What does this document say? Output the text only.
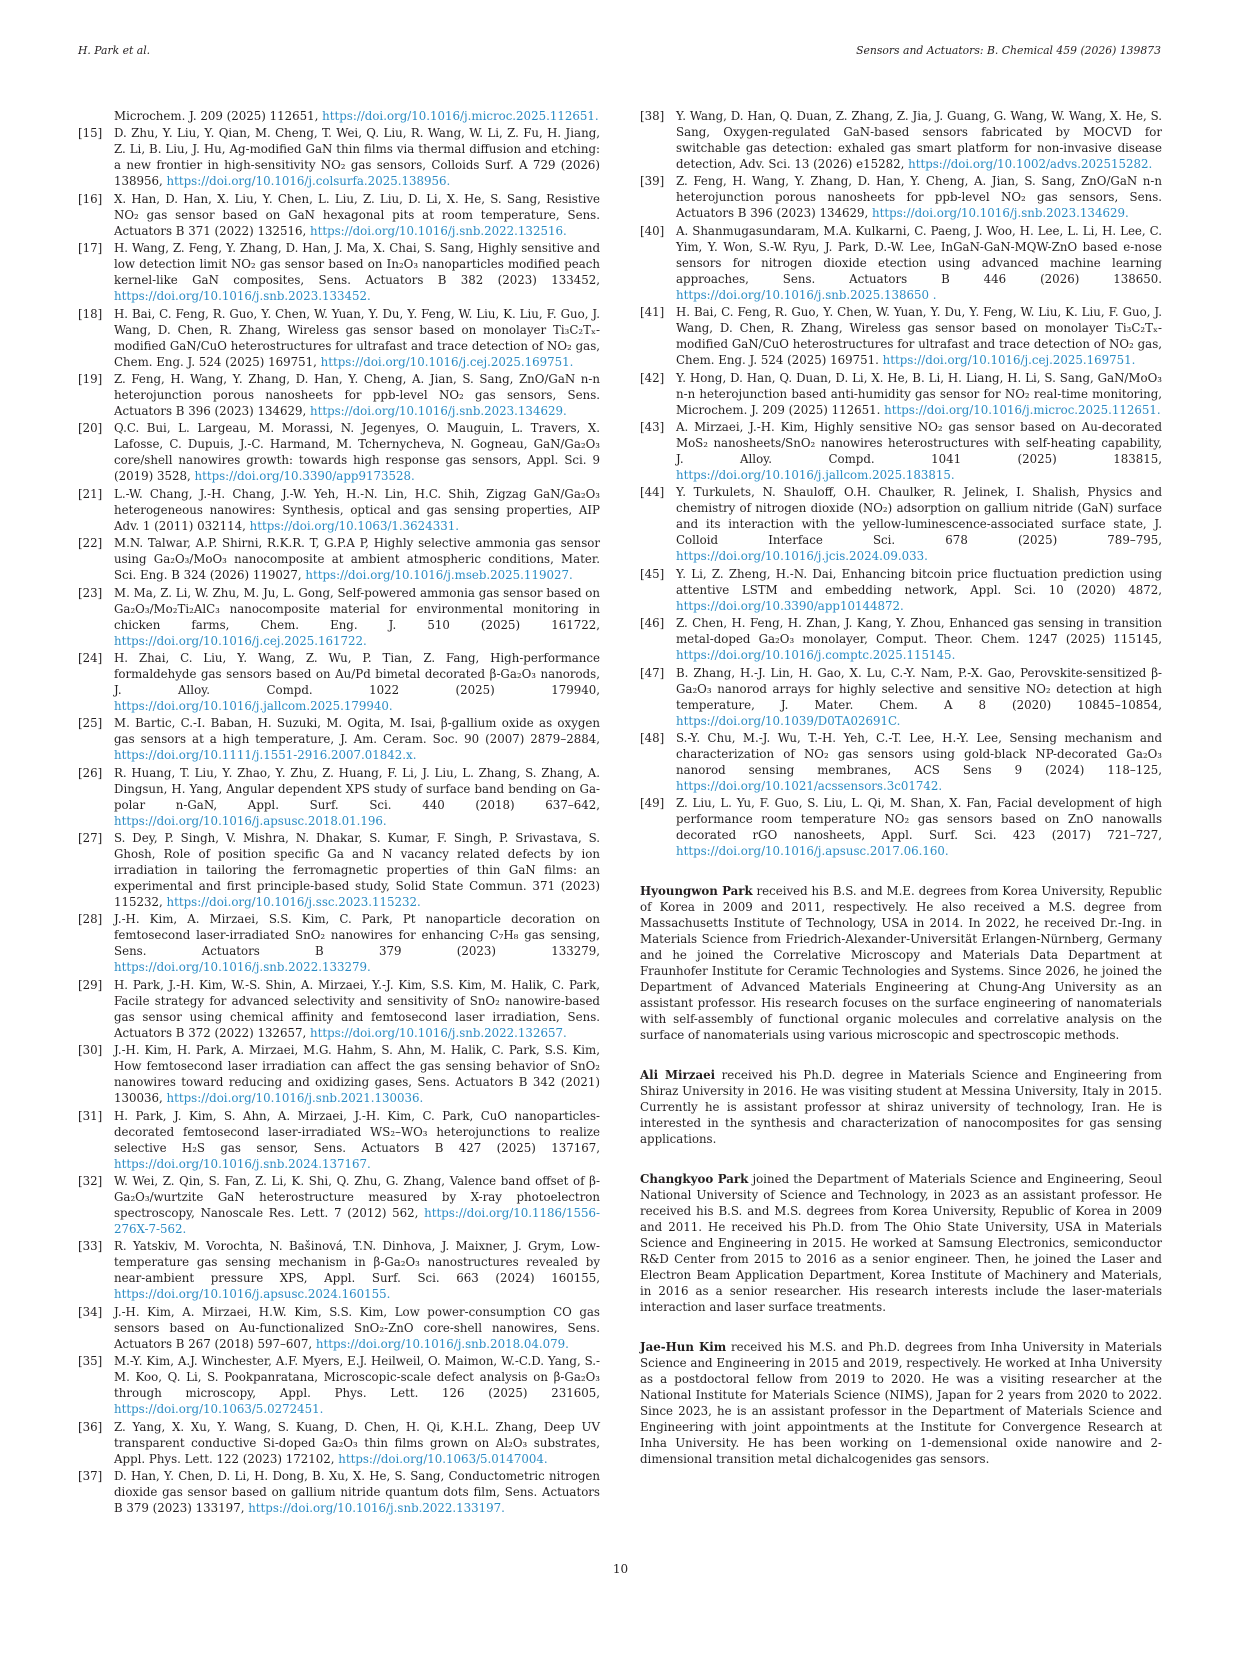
H. Park et al.	Sensors and Actuators: B. Chemical 459 (2026) 139873
Microchem. J. 209 (2025) 112651, https://doi.org/10.1016/j.microc.2025.112651.
[15] D. Zhu, Y. Liu, Y. Qian, M. Cheng, T. Wei, Q. Liu, R. Wang, W. Li, Z. Fu, H. Jiang, Z. Li, B. Liu, J. Hu, Ag-modified GaN thin films via thermal diffusion and etching: a new frontier in high-sensitivity NO₂ gas sensors, Colloids Surf. A 729 (2026) 138956, https://doi.org/10.1016/j.colsurfa.2025.138956.
[16] X. Han, D. Han, X. Liu, Y. Chen, L. Liu, Z. Liu, D. Li, X. He, S. Sang, Resistive NO₂ gas sensor based on GaN hexagonal pits at room temperature, Sens. Actuators B 371 (2022) 132516, https://doi.org/10.1016/j.snb.2022.132516.
[17] H. Wang, Z. Feng, Y. Zhang, D. Han, J. Ma, X. Chai, S. Sang, Highly sensitive and low detection limit NO₂ gas sensor based on In₂O₃ nanoparticles modified peach kernel-like GaN composites, Sens. Actuators B 382 (2023) 133452, https://doi.org/10.1016/j.snb.2023.133452.
[18] H. Bai, C. Feng, R. Guo, Y. Chen, W. Yuan, Y. Du, Y. Feng, W. Liu, K. Liu, F. Guo, J. Wang, D. Chen, R. Zhang, Wireless gas sensor based on monolayer Ti₃C₂Tₓ-modified GaN/CuO heterostructures for ultrafast and trace detection of NO₂ gas, Chem. Eng. J. 524 (2025) 169751, https://doi.org/10.1016/j.cej.2025.169751.
[19] Z. Feng, H. Wang, Y. Zhang, D. Han, Y. Cheng, A. Jian, S. Sang, ZnO/GaN n-n heterojunction porous nanosheets for ppb-level NO₂ gas sensors, Sens. Actuators B 396 (2023) 134629, https://doi.org/10.1016/j.snb.2023.134629.
[20] Q.C. Bui, L. Largeau, M. Morassi, N. Jegenyes, O. Mauguin, L. Travers, X. Lafosse, C. Dupuis, J.-C. Harmand, M. Tchernycheva, N. Gogneau, GaN/Ga₂O₃ core/shell nanowires growth: towards high response gas sensors, Appl. Sci. 9 (2019) 3528, https://doi.org/10.3390/app9173528.
[21] L.-W. Chang, J.-H. Chang, J.-W. Yeh, H.-N. Lin, H.C. Shih, Zigzag GaN/Ga₂O₃ heterogeneous nanowires: Synthesis, optical and gas sensing properties, AIP Adv. 1 (2011) 032114, https://doi.org/10.1063/1.3624331.
[22] M.N. Talwar, A.P. Shirni, R.K.R. T, G.P.A P, Highly selective ammonia gas sensor using Ga₂O₃/MoO₃ nanocomposite at ambient atmospheric conditions, Mater. Sci. Eng. B 324 (2026) 119027, https://doi.org/10.1016/j.mseb.2025.119027.
[23] M. Ma, Z. Li, W. Zhu, M. Ju, L. Gong, Self-powered ammonia gas sensor based on Ga₂O₃/Mo₂Ti₂AlC₃ nanocomposite material for environmental monitoring in chicken farms, Chem. Eng. J. 510 (2025) 161722, https://doi.org/10.1016/j.cej.2025.161722.
[24] H. Zhai, C. Liu, Y. Wang, Z. Wu, P. Tian, Z. Fang, High-performance formaldehyde gas sensors based on Au/Pd bimetal decorated β-Ga₂O₃ nanorods, J. Alloy. Compd. 1022 (2025) 179940, https://doi.org/10.1016/j.jallcom.2025.179940.
[25] M. Bartic, C.-I. Baban, H. Suzuki, M. Ogita, M. Isai, β-gallium oxide as oxygen gas sensors at a high temperature, J. Am. Ceram. Soc. 90 (2007) 2879–2884, https://doi.org/10.1111/j.1551-2916.2007.01842.x.
[26] R. Huang, T. Liu, Y. Zhao, Y. Zhu, Z. Huang, F. Li, J. Liu, L. Zhang, S. Zhang, A. Dingsun, H. Yang, Angular dependent XPS study of surface band bending on Ga-polar n-GaN, Appl. Surf. Sci. 440 (2018) 637–642, https://doi.org/10.1016/j.apsusc.2018.01.196.
[27] S. Dey, P. Singh, V. Mishra, N. Dhakar, S. Kumar, F. Singh, P. Srivastava, S. Ghosh, Role of position specific Ga and N vacancy related defects by ion irradiation in tailoring the ferromagnetic properties of thin GaN films: an experimental and first principle-based study, Solid State Commun. 371 (2023) 115232, https://doi.org/10.1016/j.ssc.2023.115232.
[28] J.-H. Kim, A. Mirzaei, S.S. Kim, C. Park, Pt nanoparticle decoration on femtosecond laser-irradiated SnO₂ nanowires for enhancing C₇H₈ gas sensing, Sens. Actuators B 379 (2023) 133279, https://doi.org/10.1016/j.snb.2022.133279.
[29] H. Park, J.-H. Kim, W.-S. Shin, A. Mirzaei, Y.-J. Kim, S.S. Kim, M. Halik, C. Park, Facile strategy for advanced selectivity and sensitivity of SnO₂ nanowire-based gas sensor using chemical affinity and femtosecond laser irradiation, Sens. Actuators B 372 (2022) 132657, https://doi.org/10.1016/j.snb.2022.132657.
[30] J.-H. Kim, H. Park, A. Mirzaei, M.G. Hahm, S. Ahn, M. Halik, C. Park, S.S. Kim, How femtosecond laser irradiation can affect the gas sensing behavior of SnO₂ nanowires toward reducing and oxidizing gases, Sens. Actuators B 342 (2021) 130036, https://doi.org/10.1016/j.snb.2021.130036.
[31] H. Park, J. Kim, S. Ahn, A. Mirzaei, J.-H. Kim, C. Park, CuO nanoparticles-decorated femtosecond laser-irradiated WS₂–WO₃ heterojunctions to realize selective H₂S gas sensor, Sens. Actuators B 427 (2025) 137167, https://doi.org/10.1016/j.snb.2024.137167.
[32] W. Wei, Z. Qin, S. Fan, Z. Li, K. Shi, Q. Zhu, G. Zhang, Valence band offset of β-Ga₂O₃/wurtzite GaN heterostructure measured by X-ray photoelectron spectroscopy, Nanoscale Res. Lett. 7 (2012) 562, https://doi.org/10.1186/1556-276X-7-562.
[33] R. Yatskiv, M. Vorochta, N. Bašinová, T.N. Dinhova, J. Maixner, J. Grym, Low-temperature gas sensing mechanism in β-Ga₂O₃ nanostructures revealed by near-ambient pressure XPS, Appl. Surf. Sci. 663 (2024) 160155, https://doi.org/10.1016/j.apsusc.2024.160155.
[34] J.-H. Kim, A. Mirzaei, H.W. Kim, S.S. Kim, Low power-consumption CO gas sensors based on Au-functionalized SnO₂-ZnO core-shell nanowires, Sens. Actuators B 267 (2018) 597–607, https://doi.org/10.1016/j.snb.2018.04.079.
[35] M.-Y. Kim, A.J. Winchester, A.F. Myers, E.J. Heilweil, O. Maimon, W.-C.D. Yang, S.-M. Koo, Q. Li, S. Pookpanratana, Microscopic-scale defect analysis on β-Ga₂O₃ through microscopy, Appl. Phys. Lett. 126 (2025) 231605, https://doi.org/10.1063/5.0272451.
[36] Z. Yang, X. Xu, Y. Wang, S. Kuang, D. Chen, H. Qi, K.H.L. Zhang, Deep UV transparent conductive Si-doped Ga₂O₃ thin films grown on Al₂O₃ substrates, Appl. Phys. Lett. 122 (2023) 172102, https://doi.org/10.1063/5.0147004.
[37] D. Han, Y. Chen, D. Li, H. Dong, B. Xu, X. He, S. Sang, Conductometric nitrogen dioxide gas sensor based on gallium nitride quantum dots film, Sens. Actuators B 379 (2023) 133197, https://doi.org/10.1016/j.snb.2022.133197.
[38] Y. Wang, D. Han, Q. Duan, Z. Zhang, Z. Jia, J. Guang, G. Wang, W. Wang, X. He, S. Sang, Oxygen-regulated GaN-based sensors fabricated by MOCVD for switchable gas detection: exhaled gas smart platform for non-invasive disease detection, Adv. Sci. 13 (2026) e15282, https://doi.org/10.1002/advs.202515282.
[39] Z. Feng, H. Wang, Y. Zhang, D. Han, Y. Cheng, A. Jian, S. Sang, ZnO/GaN n-n heterojunction porous nanosheets for ppb-level NO₂ gas sensors, Sens. Actuators B 396 (2023) 134629, https://doi.org/10.1016/j.snb.2023.134629.
[40] A. Shanmugasundaram, M.A. Kulkarni, C. Paeng, J. Woo, H. Lee, L. Li, H. Lee, C. Yim, Y. Won, S.-W. Ryu, J. Park, D.-W. Lee, InGaN-GaN-MQW-ZnO based e-nose sensors for nitrogen dioxide etection using advanced machine learning approaches, Sens. Actuators B 446 (2026) 138650. https://doi.org/10.1016/j.snb.2025.138650 .
[41] H. Bai, C. Feng, R. Guo, Y. Chen, W. Yuan, Y. Du, Y. Feng, W. Liu, K. Liu, F. Guo, J. Wang, D. Chen, R. Zhang, Wireless gas sensor based on monolayer Ti₃C₂Tₓ-modified GaN/CuO heterostructures for ultrafast and trace detection of NO₂ gas, Chem. Eng. J. 524 (2025) 169751. https://doi.org/10.1016/j.cej.2025.169751.
[42] Y. Hong, D. Han, Q. Duan, D. Li, X. He, B. Li, H. Liang, H. Li, S. Sang, GaN/MoO₃ n-n heterojunction based anti-humidity gas sensor for NO₂ real-time monitoring, Microchem. J. 209 (2025) 112651. https://doi.org/10.1016/j.microc.2025.112651.
[43] A. Mirzaei, J.-H. Kim, Highly sensitive NO₂ gas sensor based on Au-decorated MoS₂ nanosheets/SnO₂ nanowires heterostructures with self-heating capability, J. Alloy. Compd. 1041 (2025) 183815, https://doi.org/10.1016/j.jallcom.2025.183815.
[44] Y. Turkulets, N. Shauloff, O.H. Chaulker, R. Jelinek, I. Shalish, Physics and chemistry of nitrogen dioxide (NO₂) adsorption on gallium nitride (GaN) surface and its interaction with the yellow-luminescence-associated surface state, J. Colloid Interface Sci. 678 (2025) 789–795, https://doi.org/10.1016/j.jcis.2024.09.033.
[45] Y. Li, Z. Zheng, H.-N. Dai, Enhancing bitcoin price fluctuation prediction using attentive LSTM and embedding network, Appl. Sci. 10 (2020) 4872, https://doi.org/10.3390/app10144872.
[46] Z. Chen, H. Feng, H. Zhan, J. Kang, Y. Zhou, Enhanced gas sensing in transition metal-doped Ga₂O₃ monolayer, Comput. Theor. Chem. 1247 (2025) 115145, https://doi.org/10.1016/j.comptc.2025.115145.
[47] B. Zhang, H.-J. Lin, H. Gao, X. Lu, C.-Y. Nam, P.-X. Gao, Perovskite-sensitized β-Ga₂O₃ nanorod arrays for highly selective and sensitive NO₂ detection at high temperature, J. Mater. Chem. A 8 (2020) 10845–10854, https://doi.org/10.1039/D0TA02691C.
[48] S.-Y. Chu, M.-J. Wu, T.-H. Yeh, C.-T. Lee, H.-Y. Lee, Sensing mechanism and characterization of NO₂ gas sensors using gold-black NP-decorated Ga₂O₃ nanorod sensing membranes, ACS Sens 9 (2024) 118–125, https://doi.org/10.1021/acssensors.3c01742.
[49] Z. Liu, L. Yu, F. Guo, S. Liu, L. Qi, M. Shan, X. Fan, Facial development of high performance room temperature NO₂ gas sensors based on ZnO nanowalls decorated rGO nanosheets, Appl. Surf. Sci. 423 (2017) 721–727, https://doi.org/10.1016/j.apsusc.2017.06.160.
Hyoungwon Park received his B.S. and M.E. degrees from Korea University, Republic of Korea in 2009 and 2011, respectively. He also received a M.S. degree from Massachusetts Institute of Technology, USA in 2014. In 2022, he received Dr.-Ing. in Materials Science from Friedrich-Alexander-Universität Erlangen-Nürnberg, Germany and he joined the Correlative Microscopy and Materials Data Department at Fraunhofer Institute for Ceramic Technologies and Systems. Since 2026, he joined the Department of Advanced Materials Engineering at Chung-Ang University as an assistant professor. His research focuses on the surface engineering of nanomaterials with self-assembly of functional organic molecules and correlative analysis on the surface of nanomaterials using various microscopic and spectroscopic methods.
Ali Mirzaei received his Ph.D. degree in Materials Science and Engineering from Shiraz University in 2016. He was visiting student at Messina University, Italy in 2015. Currently he is assistant professor at shiraz university of technology, Iran. He is interested in the synthesis and characterization of nanocomposites for gas sensing applications.
Changkyoo Park joined the Department of Materials Science and Engineering, Seoul National University of Science and Technology, in 2023 as an assistant professor. He received his B.S. and M.S. degrees from Korea University, Republic of Korea in 2009 and 2011. He received his Ph.D. from The Ohio State University, USA in Materials Science and Engineering in 2015. He worked at Samsung Electronics, semiconductor R&D Center from 2015 to 2016 as a senior engineer. Then, he joined the Laser and Electron Beam Application Department, Korea Institute of Machinery and Materials, in 2016 as a senior researcher. His research interests include the laser-materials interaction and laser surface treatments.
Jae-Hun Kim received his M.S. and Ph.D. degrees from Inha University in Materials Science and Engineering in 2015 and 2019, respectively. He worked at Inha University as a postdoctoral fellow from 2019 to 2020. He was a visiting researcher at the National Institute for Materials Science (NIMS), Japan for 2 years from 2020 to 2022. Since 2023, he is an assistant professor in the Department of Materials Science and Engineering with joint appointments at the Institute for Convergence Research at Inha University. He has been working on 1-demensional oxide nanowire and 2-dimensional transition metal dichalcogenides gas sensors.
10
